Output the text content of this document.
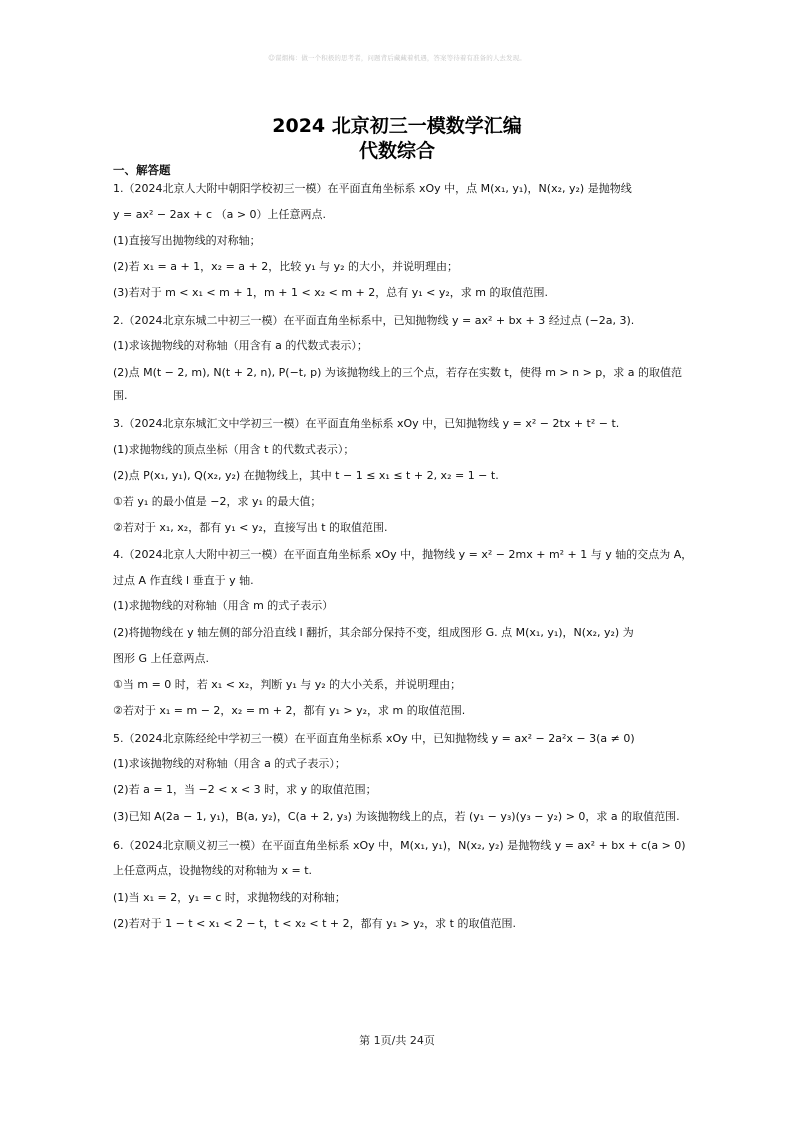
☺谋烟梅：做一个积极的思考者，问题背后藏藏着机遇，答案等待着有准备的人去发现。
2024 北京初三一模数学汇编
代数综合
一、解答题
1.（2024北京人大附中朝阳学校初三一模）在平面直角坐标系 xOy 中，点 M(x₁, y₁)，N(x₂, y₂) 是抛物线
y = ax² − 2ax + c （a > 0）上任意两点.
(1)直接写出抛物线的对称轴；
(2)若 x₁ = a + 1，x₂ = a + 2，比较 y₁ 与 y₂ 的大小，并说明理由；
(3)若对于 m < x₁ < m + 1，m + 1 < x₂ < m + 2，总有 y₁ < y₂，求 m 的取值范围.
2.（2024北京东城二中初三一模）在平面直角坐标系中，已知抛物线 y = ax² + bx + 3 经过点 (−2a, 3).
(1)求该抛物线的对称轴（用含有 a 的代数式表示）；
(2)点 M(t − 2, m), N(t + 2, n), P(−t, p) 为该抛物线上的三个点，若存在实数 t，使得 m > n > p，求 a 的取值范
围.
3.（2024北京东城汇文中学初三一模）在平面直角坐标系 xOy 中，已知抛物线 y = x² − 2tx + t² − t.
(1)求抛物线的顶点坐标（用含 t 的代数式表示）；
(2)点 P(x₁, y₁), Q(x₂, y₂) 在抛物线上，其中 t − 1 ≤ x₁ ≤ t + 2, x₂ = 1 − t.
①若 y₁ 的最小值是 −2，求 y₁ 的最大值；
②若对于 x₁, x₂，都有 y₁ < y₂，直接写出 t 的取值范围.
4.（2024北京人大附中初三一模）在平面直角坐标系 xOy 中，抛物线 y = x² − 2mx + m² + 1 与 y 轴的交点为 A，
过点 A 作直线 l 垂直于 y 轴.
(1)求抛物线的对称轴（用含 m 的式子表示）
(2)将抛物线在 y 轴左侧的部分沿直线 l 翻折，其余部分保持不变，组成图形 G. 点 M(x₁, y₁)，N(x₂, y₂) 为
图形 G 上任意两点.
①当 m = 0 时，若 x₁ < x₂，判断 y₁ 与 y₂ 的大小关系，并说明理由；
②若对于 x₁ = m − 2，x₂ = m + 2，都有 y₁ > y₂，求 m 的取值范围.
5.（2024北京陈经纶中学初三一模）在平面直角坐标系 xOy 中，已知抛物线 y = ax² − 2a²x − 3(a ≠ 0)
(1)求该抛物线的对称轴（用含 a 的式子表示）；
(2)若 a = 1，当 −2 < x < 3 时，求 y 的取值范围；
(3)已知 A(2a − 1, y₁)，B(a, y₂)，C(a + 2, y₃) 为该抛物线上的点，若 (y₁ − y₃)(y₃ − y₂) > 0，求 a 的取值范围.
6.（2024北京顺义初三一模）在平面直角坐标系 xOy 中，M(x₁, y₁)，N(x₂, y₂) 是抛物线 y = ax² + bx + c(a > 0)
上任意两点，设抛物线的对称轴为 x = t.
(1)当 x₁ = 2，y₁ = c 时，求抛物线的对称轴；
(2)若对于 1 − t < x₁ < 2 − t，t < x₂ < t + 2，都有 y₁ > y₂，求 t 的取值范围.
第 1页/共 24页
